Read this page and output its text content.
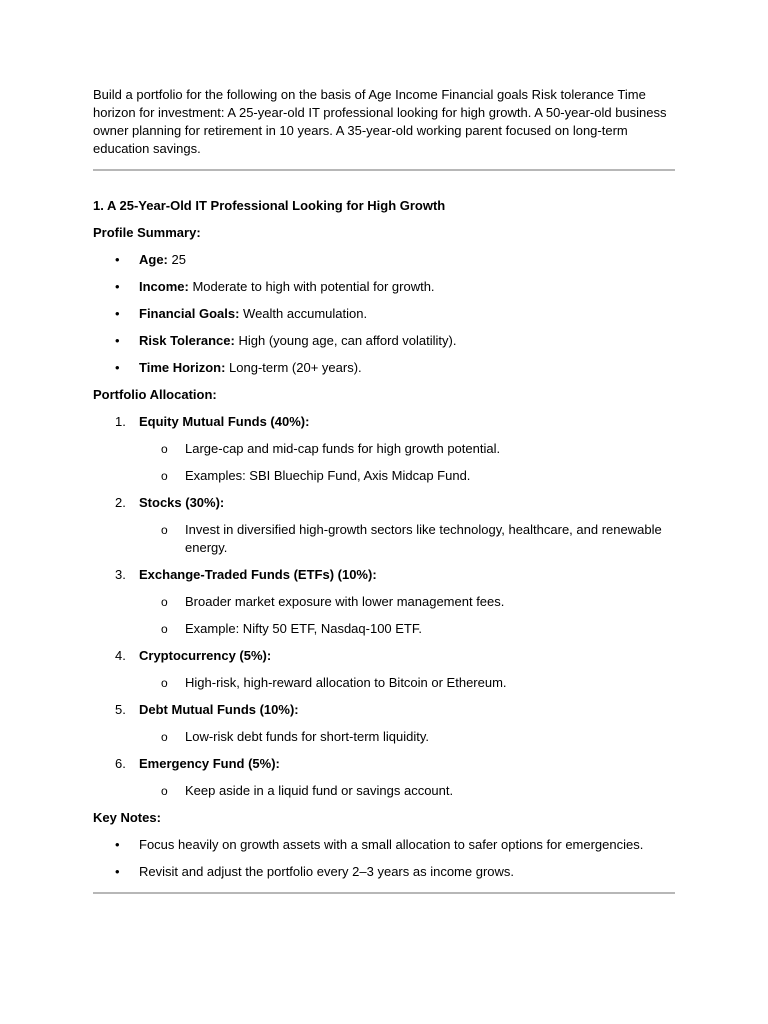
Build a portfolio for the following on the basis of Age Income Financial goals Risk tolerance Time horizon for investment: A 25-year-old IT professional looking for high growth. A 50-year-old business owner planning for retirement in 10 years. A 35-year-old working parent focused on long-term education savings.

1. A 25-Year-Old IT Professional Looking for High Growth

Profile Summary:

•	Age: 25
•	Income: Moderate to high with potential for growth.
•	Financial Goals: Wealth accumulation.
•	Risk Tolerance: High (young age, can afford volatility).
•	Time Horizon: Long-term (20+ years).

Portfolio Allocation:

1.	Equity Mutual Funds (40%):
o	Large-cap and mid-cap funds for high growth potential.
o	Examples: SBI Bluechip Fund, Axis Midcap Fund.
2.	Stocks (30%):
o	Invest in diversified high-growth sectors like technology, healthcare, and renewable energy.
3.	Exchange-Traded Funds (ETFs) (10%):
o	Broader market exposure with lower management fees.
o	Example: Nifty 50 ETF, Nasdaq-100 ETF.
4.	Cryptocurrency (5%):
o	High-risk, high-reward allocation to Bitcoin or Ethereum.
5.	Debt Mutual Funds (10%):
o	Low-risk debt funds for short-term liquidity.
6.	Emergency Fund (5%):
o	Keep aside in a liquid fund or savings account.

Key Notes:

•	Focus heavily on growth assets with a small allocation to safer options for emergencies.
•	Revisit and adjust the portfolio every 2–3 years as income grows.
